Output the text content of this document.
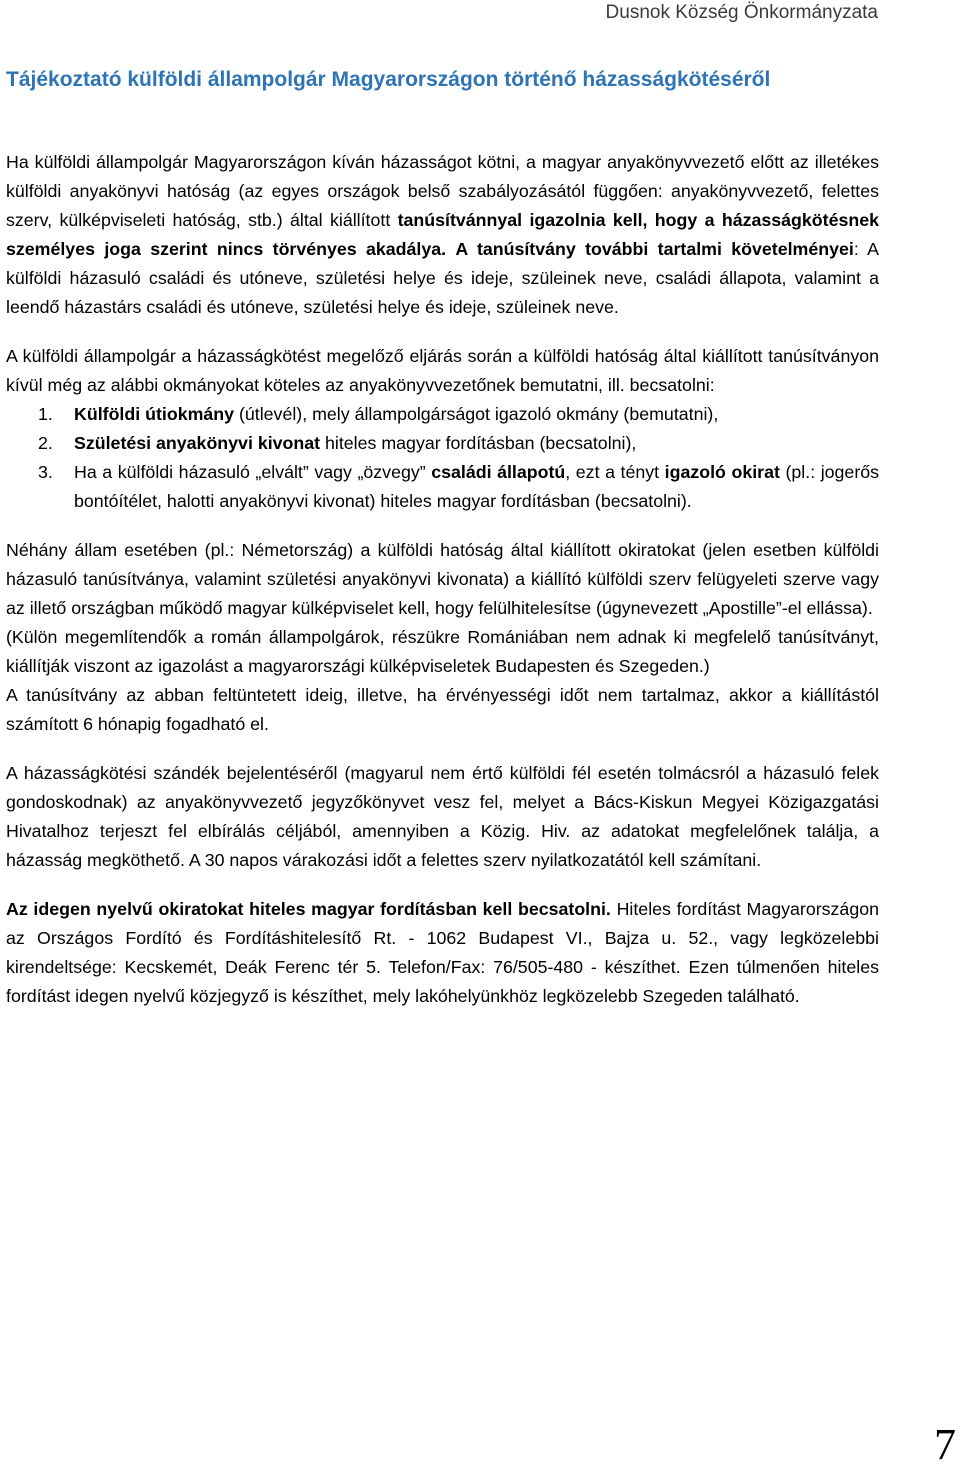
Dusnok Község Önkormányzata
Tájékoztató külföldi állampolgár Magyarországon történő házasságkötéséről

Ha külföldi állampolgár Magyarországon kíván házasságot kötni, a magyar anyakönyvvezető előtt az illetékes külföldi anyakönyvi hatóság (az egyes országok belső szabályozásától függően: anyakönyvvezető, felettes szerv, külképviseleti hatóság, stb.) által kiállított tanúsítvánnyal igazolnia kell, hogy a házasságkötésnek személyes joga szerint nincs törvényes akadálya. A tanúsítvány további tartalmi követelményei: A külföldi házasuló családi és utóneve, születési helye és ideje, szüleinek neve, családi állapota, valamint a leendő házastárs családi és utóneve, születési helye és ideje, szüleinek neve.

A külföldi állampolgár a házasságkötést megelőző eljárás során a külföldi hatóság által kiállított tanúsítványon kívül még az alábbi okmányokat köteles az anyakönyvvezetőnek bemutatni, ill. becsatolni:

1. Külföldi útiokmány (útlevél), mely állampolgárságot igazoló okmány (bemutatni),
2. Születési anyakönyvi kivonat hiteles magyar fordításban (becsatolni),
3. Ha a külföldi házasuló „elvált” vagy „özvegy” családi állapotú, ezt a tényt igazoló okirat (pl.: jogerős bontóítélet, halotti anyakönyvi kivonat) hiteles magyar fordításban (becsatolni).

Néhány állam esetében (pl.: Németország) a külföldi hatóság által kiállított okiratokat (jelen esetben külföldi házasuló tanúsítványa, valamint születési anyakönyvi kivonata) a kiállító külföldi szerv felügyeleti szerve vagy az illető országban működő magyar külképviselet kell, hogy felülhitelesítse (úgynevezett „Apostille”-el ellássa).

(Külön megemlítendők a román állampolgárok, részükre Romániában nem adnak ki megfelelő tanúsítványt, kiállítják viszont az igazolást a magyarországi külképviseletek Budapesten és Szegeden.)

A tanúsítvány az abban feltüntetett ideig, illetve, ha érvényességi időt nem tartalmaz, akkor a kiállítástól számított 6 hónapig fogadható el.

A házasságkötési szándék bejelentéséről (magyarul nem értő külföldi fél esetén tolmácsról a házasuló felek gondoskodnak) az anyakönyvvezető jegyzőkönyvet vesz fel, melyet a Bács-Kiskun Megyei Közigazgatási Hivatalhoz terjeszt fel elbírálás céljából, amennyiben a Közig. Hiv. az adatokat megfelelőnek találja, a házasság megköthető. A 30 napos várakozási időt a felettes szerv nyilatkozatától kell számítani.

Az idegen nyelvű okiratokat hiteles magyar fordításban kell becsatolni. Hiteles fordítást Magyarországon az Országos Fordító és Fordításhitelesítő Rt. - 1062 Budapest VI., Bajza u. 52., vagy legközelebbi kirendeltsége: Kecskemét, Deák Ferenc tér 5. Telefon/Fax: 76/505-480 - készíthet. Ezen túlmenően hiteles fordítást idegen nyelvű közjegyző is készíthet, mely lakóhelyünkhöz legközelebb Szegeden található.

7
